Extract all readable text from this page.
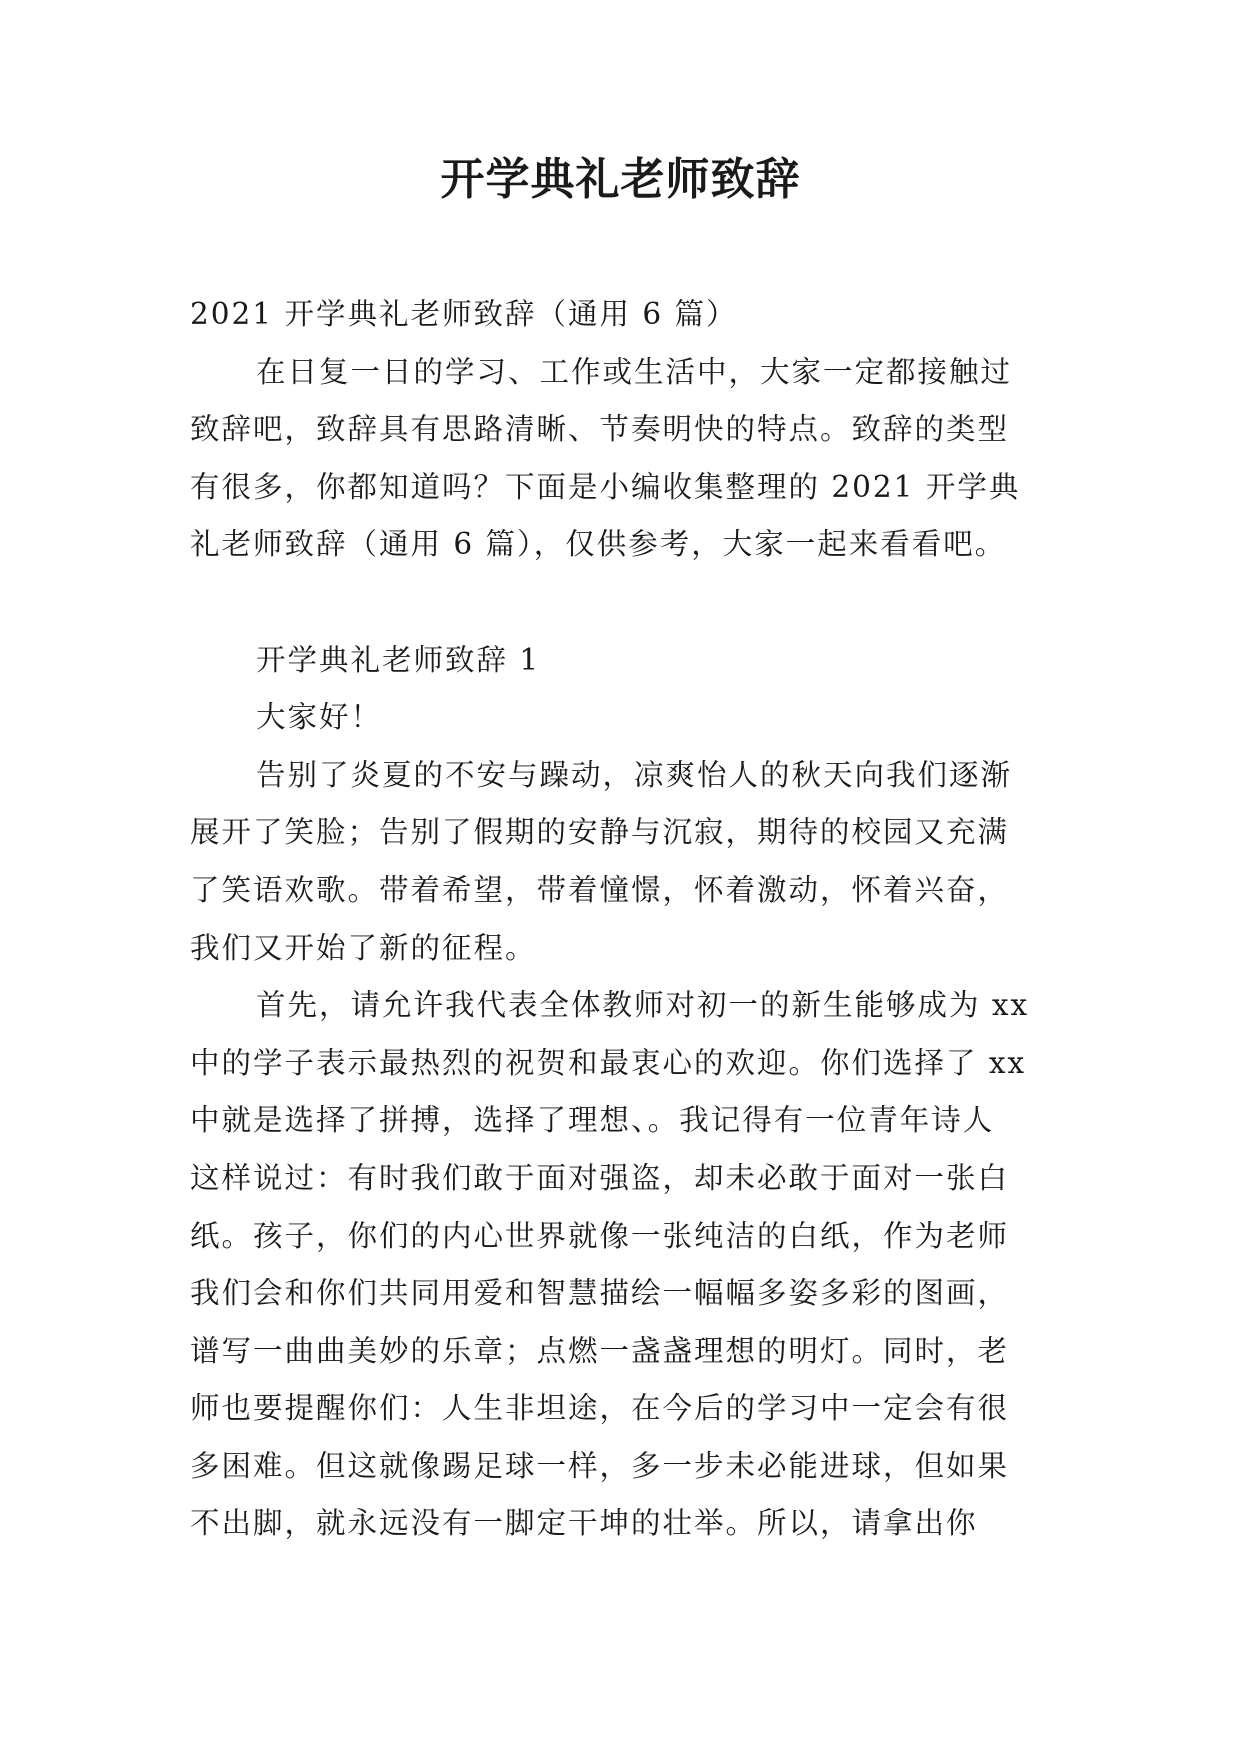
开学典礼老师致辞
2021 开学典礼老师致辞（通用 6 篇）
在日复一日的学习、工作或生活中，大家一定都接触过
致辞吧，致辞具有思路清晰、节奏明快的特点。致辞的类型
有很多，你都知道吗？下面是小编收集整理的 2021 开学典
礼老师致辞（通用 6 篇），仅供参考，大家一起来看看吧。
开学典礼老师致辞 1
大家好！
告别了炎夏的不安与躁动，凉爽怡人的秋天向我们逐渐
展开了笑脸；告别了假期的安静与沉寂，期待的校园又充满
了笑语欢歌。带着希望，带着憧憬，怀着激动，怀着兴奋，
我们又开始了新的征程。
首先，请允许我代表全体教师对初一的新生能够成为 xx
中的学子表示最热烈的祝贺和最衷心的欢迎。你们选择了 xx
中就是选择了拼搏，选择了理想、。我记得有一位青年诗人
这样说过：有时我们敢于面对强盗，却未必敢于面对一张白
纸。孩子，你们的内心世界就像一张纯洁的白纸，作为老师
我们会和你们共同用爱和智慧描绘一幅幅多姿多彩的图画，
谱写一曲曲美妙的乐章；点燃一盏盏理想的明灯。同时，老
师也要提醒你们：人生非坦途，在今后的学习中一定会有很
多困难。但这就像踢足球一样，多一步未必能进球，但如果
不出脚，就永远没有一脚定干坤的壮举。所以，请拿出你
